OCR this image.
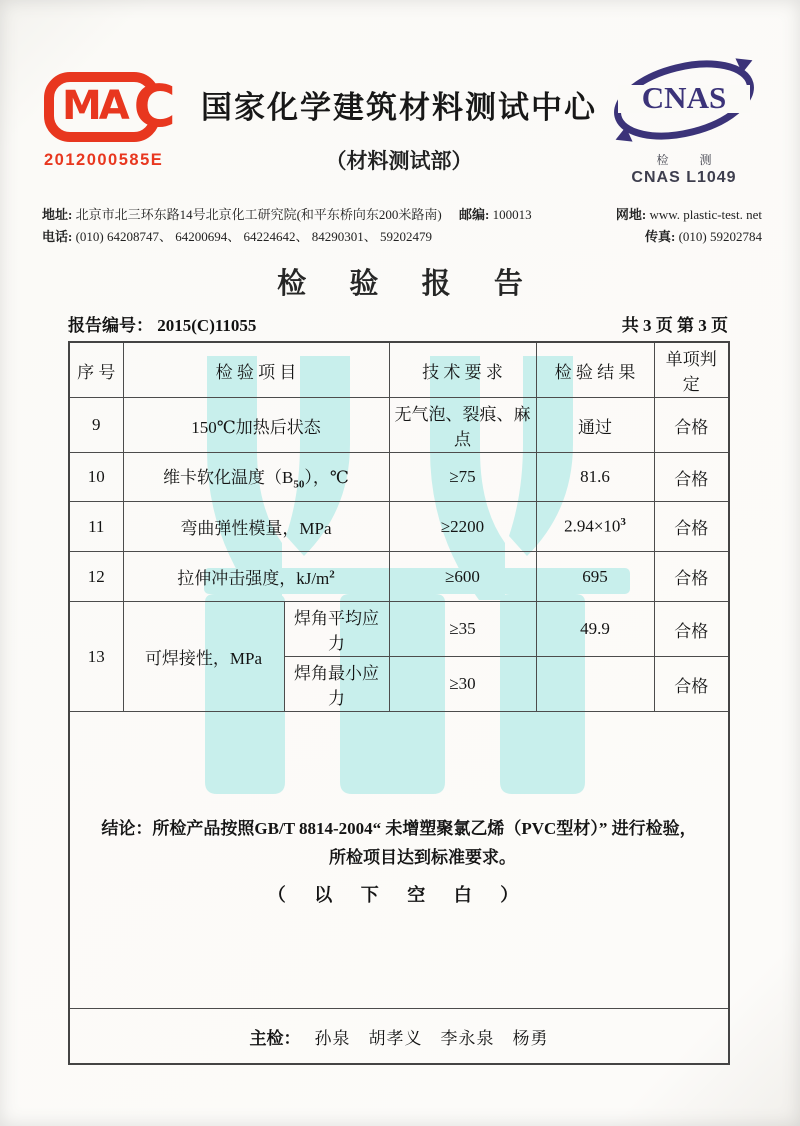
MA C
2012000585E
国家化学建筑材料测试中心
（材料测试部）
CNAS
检 测
CNAS L1049
地址: 北京市北三环东路14号北京化工研究院(和平东桥向东200米路南) 邮编: 100013	网地: www. plastic-test. net
电话: (010) 64208747、 64200694、 64224642、 84290301、 59202479	传真: (010) 59202784
检 验 报 告
报告编号： 2015(C)11055	共 3 页 第 3 页
序 号	检 验 项 目		技 术 要 求	检 验 结 果	单项判定
9	150℃加热后状态		无气泡、裂痕、麻点	通过	合格
10	维卡软化温度$(B_{50})$，℃		≥75	81.6	合格
11	弯曲弹性模量，MPa		≥2200	$2.94\times 10^3$	合格
12	拉伸冲击强度，$kJ/m^2$		≥600	695	合格
13	可焊接性，MPa	焊角平均应力	≥35	49.9	合格
		焊角最小应力	≥30		合格

结论：所检产品按照GB/T 8814-2004“ 未增塑聚氯乙烯（PVC型材）” 进行检验，
所检项目达到标准要求。
（ 以 下 空 白 ）					

主检： 孙泉　胡孝义　李永泉　杨勇					
